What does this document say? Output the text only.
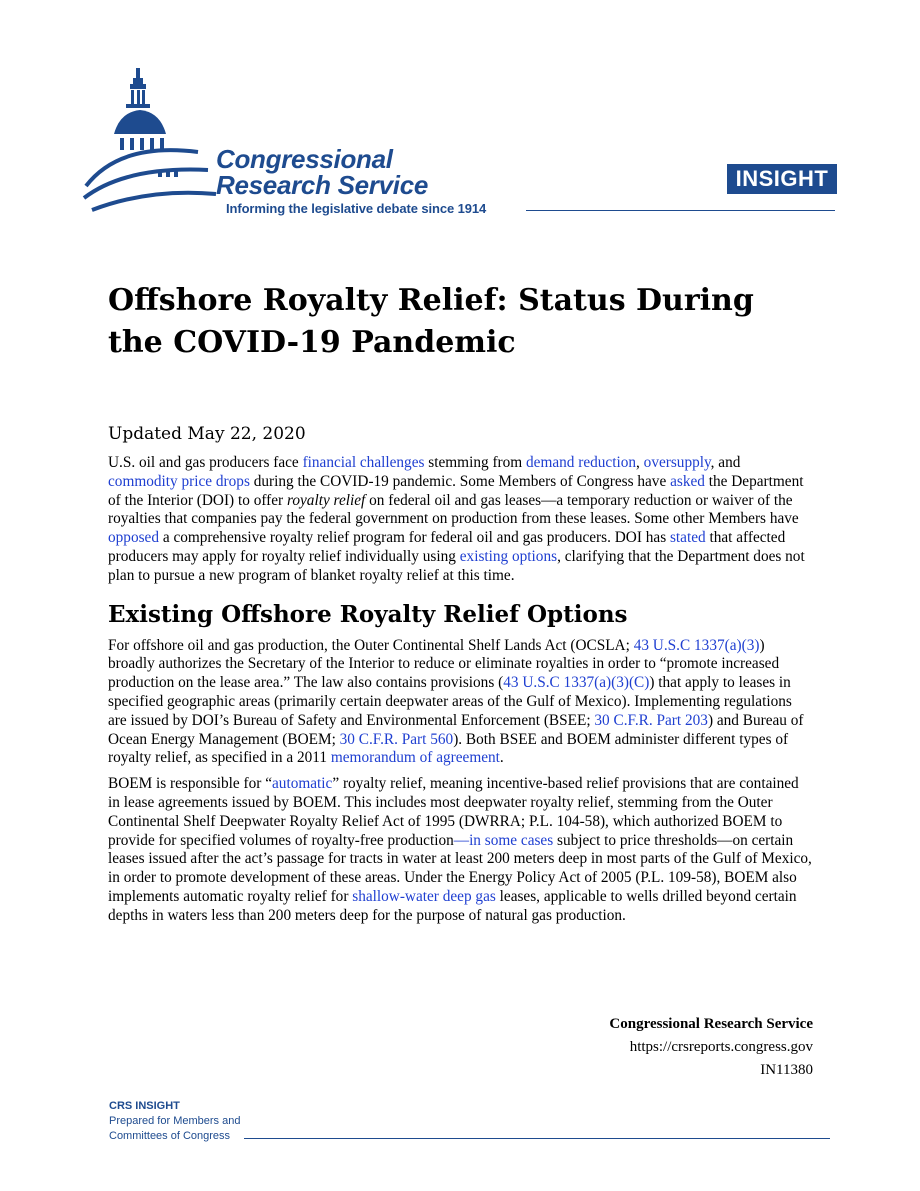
Congressional
Research Service
Informing the legislative debate since 1914
INSIGHT
Offshore Royalty Relief: Status During the COVID-19 Pandemic
Updated May 22, 2020

U.S. oil and gas producers face financial challenges stemming from demand reduction, oversupply, and commodity price drops during the COVID-19 pandemic. Some Members of Congress have asked the Department of the Interior (DOI) to offer royalty relief on federal oil and gas leases—a temporary reduction or waiver of the royalties that companies pay the federal government on production from these leases. Some other Members have opposed a comprehensive royalty relief program for federal oil and gas producers. DOI has stated that affected producers may apply for royalty relief individually using existing options, clarifying that the Department does not plan to pursue a new program of blanket royalty relief at this time.

Existing Offshore Royalty Relief Options

For offshore oil and gas production, the Outer Continental Shelf Lands Act (OCSLA; 43 U.S.C 1337(a)(3)) broadly authorizes the Secretary of the Interior to reduce or eliminate royalties in order to “promote increased production on the lease area.” The law also contains provisions (43 U.S.C 1337(a)(3)(C)) that apply to leases in specified geographic areas (primarily certain deepwater areas of the Gulf of Mexico). Implementing regulations are issued by DOI’s Bureau of Safety and Environmental Enforcement (BSEE; 30 C.F.R. Part 203) and Bureau of Ocean Energy Management (BOEM; 30 C.F.R. Part 560). Both BSEE and BOEM administer different types of royalty relief, as specified in a 2011 memorandum of agreement.

BOEM is responsible for “automatic” royalty relief, meaning incentive-based relief provisions that are contained in lease agreements issued by BOEM. This includes most deepwater royalty relief, stemming from the Outer Continental Shelf Deepwater Royalty Relief Act of 1995 (DWRRA; P.L. 104-58), which authorized BOEM to provide for specified volumes of royalty-free production—in some cases subject to price thresholds—on certain leases issued after the act’s passage for tracts in water at least 200 meters deep in most parts of the Gulf of Mexico, in order to promote development of these areas. Under the Energy Policy Act of 2005 (P.L. 109-58), BOEM also implements automatic royalty relief for shallow-water deep gas leases, applicable to wells drilled beyond certain depths in waters less than 200 meters deep for the purpose of natural gas production.

Congressional Research Service
https://crsreports.congress.gov
IN11380
CRS INSIGHT
Prepared for Members and
Committees of Congress
